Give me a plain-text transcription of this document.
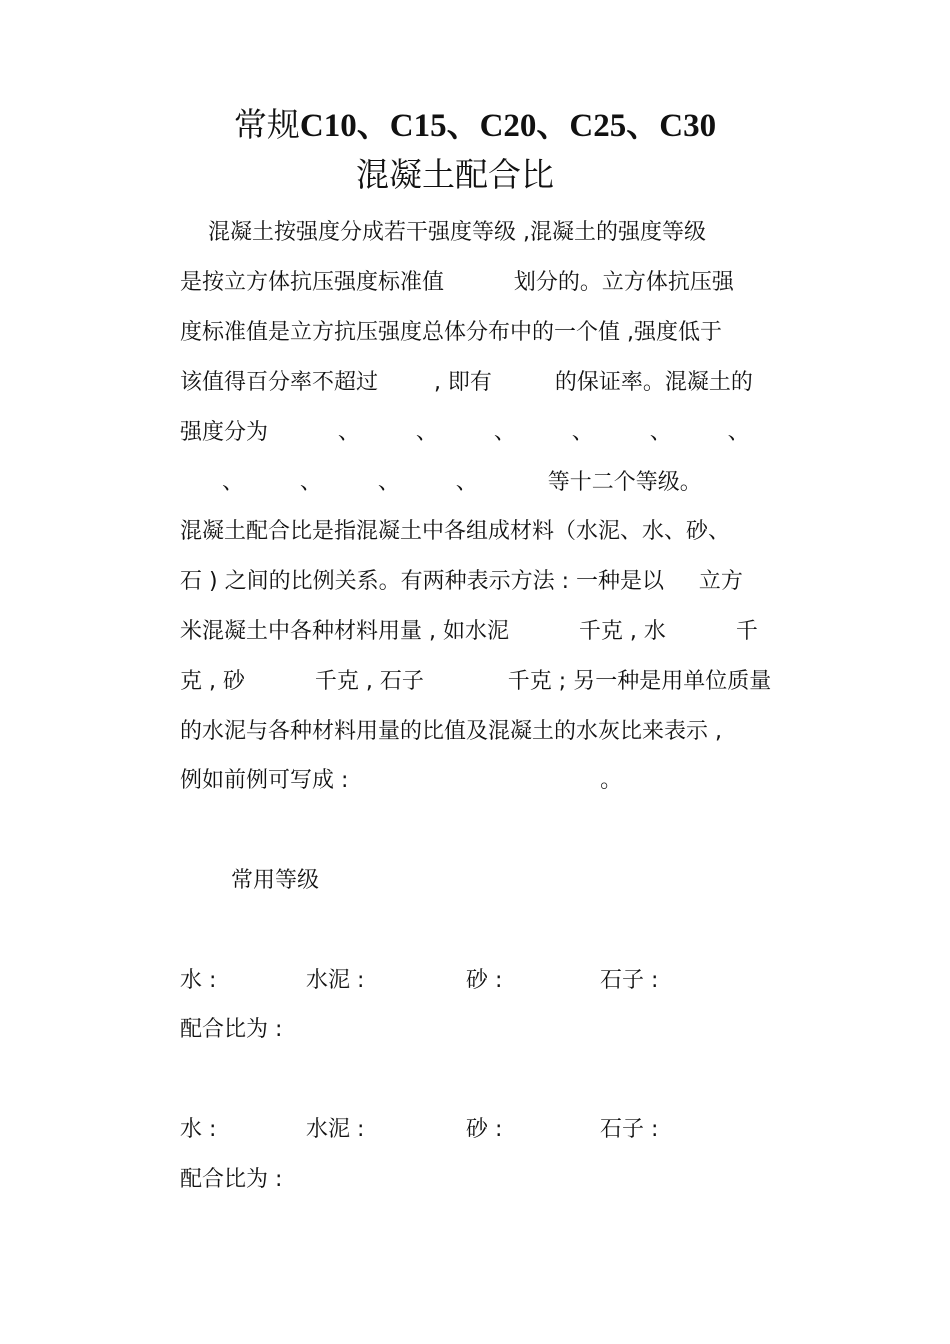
常规C10、C15、C20、C25、C30
混凝土配合比
混凝土按强度分成若干强度等级 ,混凝土的强度等级
是按立方体抗压强度标准值          划分的。立方体抗压强
度标准值是立方抗压强度总体分布中的一个值 ,强度低于
该值得百分率不超过        , 即有         的保证率。混凝土的
强度分为          、        、        、        、        、        、
、        、        、        、          等十二个等级。
混凝土配合比是指混凝土中各组成材料（水泥、水、砂、
石 ) 之间的比例关系。有两种表示方法 : 一种是以     立方
米混凝土中各种材料用量 , 如水泥          千克 , 水          千
克 , 砂          千克 , 石子            千克 ; 另一种是用单位质量
的水泥与各种材料用量的比值及混凝土的水灰比来表示 ,
例如前例可写成 :                                    。
常用等级
水 :	水泥 :	砂 :	石子 :
配合比为 :
水 :	水泥 :	砂 :	石子 :
配合比为 :
